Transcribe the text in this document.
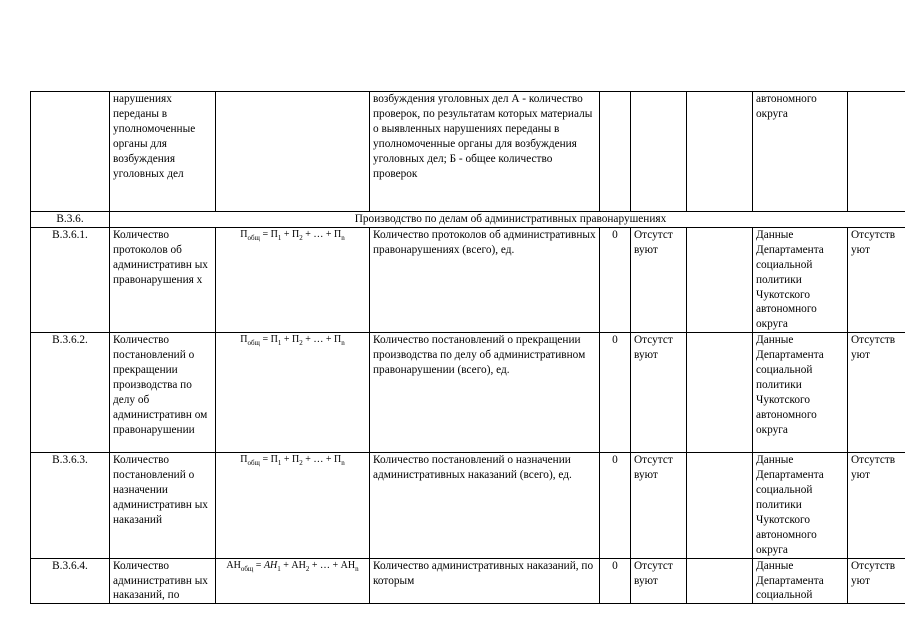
	нарушениях переданы в уполномоченные органы для возбуждения уголовных дел		возбуждения уголовных дел А - количество проверок, по результатам которых материалы о выявленных нарушениях переданы в уполномоченные органы для возбуждения уголовных дел; Б - общее количество проверок				автономного округа	
В.3.6.	Производство по делам об административных правонарушениях							
В.3.6.1.	Количество протоколов об административн ых правонарушения х	$П_{общ} = П_1 + П_2$ + … + $П_n$	Количество протоколов об административных правонарушениях (всего), ед.	0	Отсутст вуют		Данные Департамента социальной политики Чукотского автономного округа	Отсутств уют
В.3.6.2.	Количество постановлений о прекращении производства по делу об административн ом правонарушении	$П_{общ} = П_1 + П_2$ + … + $П_n$	Количество постановлений о прекращении производства по делу об административном правонарушении (всего), ед.	0	Отсутст вуют		Данные Департамента социальной политики Чукотского автономного округа	Отсутств уют
В.3.6.3.	Количество постановлений о назначении административн ых наказаний	$П_{общ} = П_1 + П_2$ + … + $П_n$	Количество постановлений о назначении административных наказаний (всего), ед.	0	Отсутст вуют		Данные Департамента социальной политики Чукотского автономного округа	Отсутств уют
В.3.6.4.	Количество административн ых наказаний, по	$АН_{общ} = АН_1 + АН_2$ + … + $АН_n$	Количество административных наказаний, по которым	0	Отсутст вуют		Данные Департамента социальной	Отсутств уют
